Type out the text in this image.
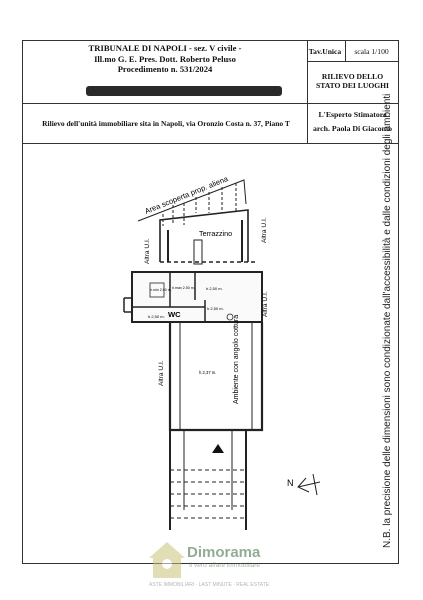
TRIBUNALE DI NAPOLI - sez. V civile -
Ill.mo G. E. Pres. Dott. Roberto Peluso
Procedimento n. 531/2024
Tav.Unica	scala 1/100
RILIEVO DELLO
STATO DEI LUOGHI
Rilievo dell'unità immobiliare sita in Napoli, via Oronzio Costa n. 37, Piano T
L'Esperto Stimatore
arch. Paola Di Giacomo
Area scoperta prop. aliena
Terrazzino
Altra U.I.
Altra U.I.
Altra U.I.
Altra U.I.
WC
h.min 2.00 m. h.max 2.50 m.	h.2,50 m.
h.2,50 m.
h.2,50 m.
h.2,37 m. Ambiente con angolo cottura
N	N.B. la precisione delle dimensioni sono condizionate dall'accessibilità e dalle condizioni degli ambienti
Dimorama
Il vero affare immobiliare
ASTE IMMOBILIARI · LAST MINUTE · REAL ESTATE
